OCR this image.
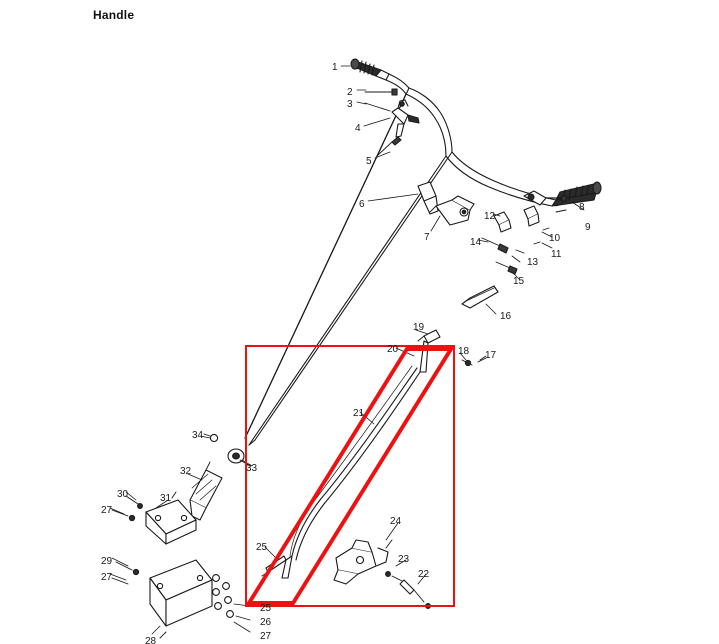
Handle
1
2
3
4
5
6
7
8
9
10
11
12
13
14
15
16
17
18
19
20
21
22
23
24
25
25
26
27
27
27
28
29
30	31
32	33
34
